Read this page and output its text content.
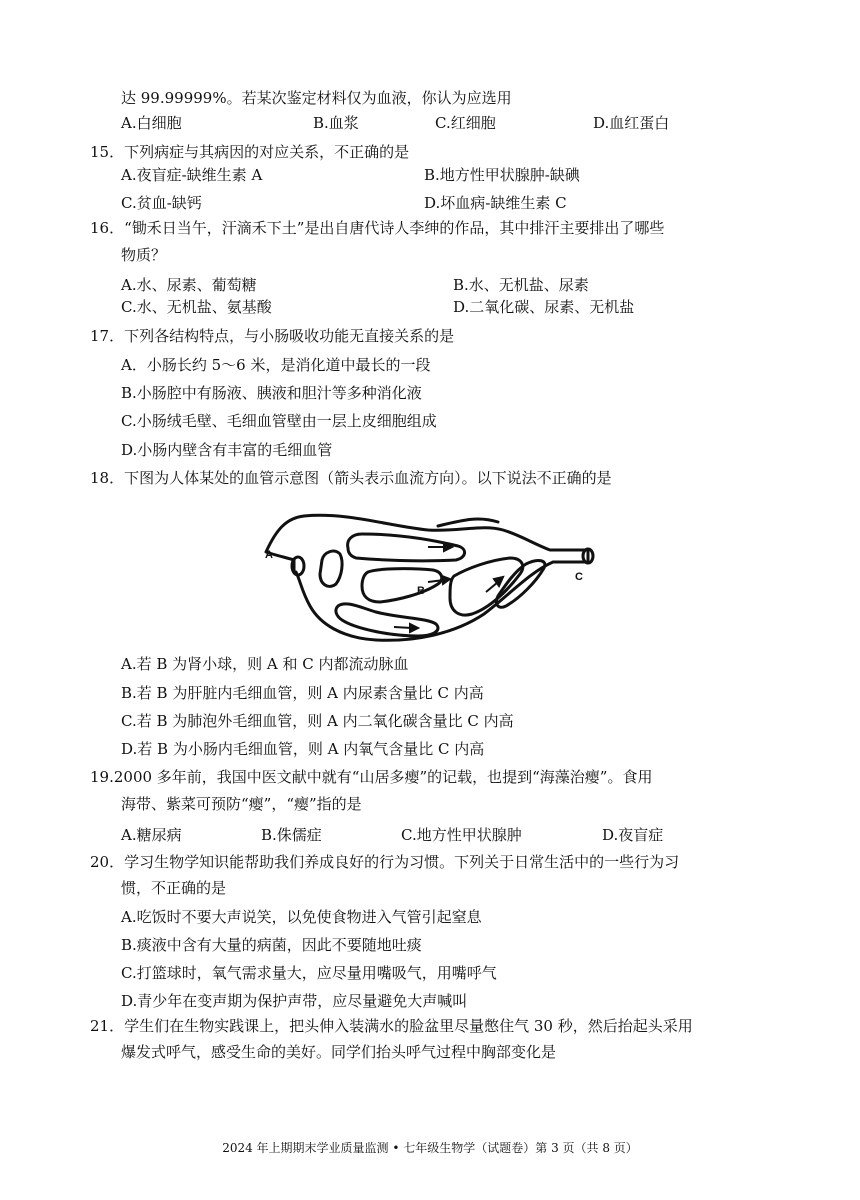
达 99.99999%。若某次鉴定材料仅为血液，你认为应选用
A.白细胞	B.血浆	C.红细胞	D.血红蛋白
15．下列病症与其病因的对应关系，不正确的是
A.夜盲症-缺维生素 A	B.地方性甲状腺肿-缺碘
C.贫血-缺钙	D.坏血病-缺维生素 C
16．“锄禾日当午，汗滴禾下土”是出自唐代诗人李绅的作品，其中排汗主要排出了哪些
物质？
A.水、尿素、葡萄糖	B.水、无机盐、尿素
C.水、无机盐、氨基酸	D.二氧化碳、尿素、无机盐
17．下列各结构特点，与小肠吸收功能无直接关系的是
A．小肠长约 5～6 米，是消化道中最长的一段
B.小肠腔中有肠液、胰液和胆汁等多种消化液
C.小肠绒毛壁、毛细血管壁由一层上皮细胞组成
D.小肠内壁含有丰富的毛细血管
18．下图为人体某处的血管示意图（箭头表示血流方向）。以下说法不正确的是
A
B
C
A.若 B 为肾小球，则 A 和 C 内都流动脉血
B.若 B 为肝脏内毛细血管，则 A 内尿素含量比 C 内高
C.若 B 为肺泡外毛细血管，则 A 内二氧化碳含量比 C 内高
D.若 B 为小肠内毛细血管，则 A 内氧气含量比 C 内高
19.2000 多年前，我国中医文献中就有“山居多瘿”的记载，也提到“海藻治瘿”。食用
海带、紫菜可预防“瘿”，“瘿”指的是
A.糖尿病	B.侏儒症	C.地方性甲状腺肿	D.夜盲症
20．学习生物学知识能帮助我们养成良好的行为习惯。下列关于日常生活中的一些行为习
惯，不正确的是
A.吃饭时不要大声说笑，以免使食物进入气管引起窒息
B.痰液中含有大量的病菌，因此不要随地吐痰
C.打篮球时，氧气需求量大，应尽量用嘴吸气，用嘴呼气
D.青少年在变声期为保护声带，应尽量避免大声喊叫
21．学生们在生物实践课上，把头伸入装满水的脸盆里尽量憋住气 30 秒，然后抬起头采用
爆发式呼气，感受生命的美好。同学们抬头呼气过程中胸部变化是
2024 年上期期末学业质量监测 • 七年级生物学（试题卷）第 3 页（共 8 页）
